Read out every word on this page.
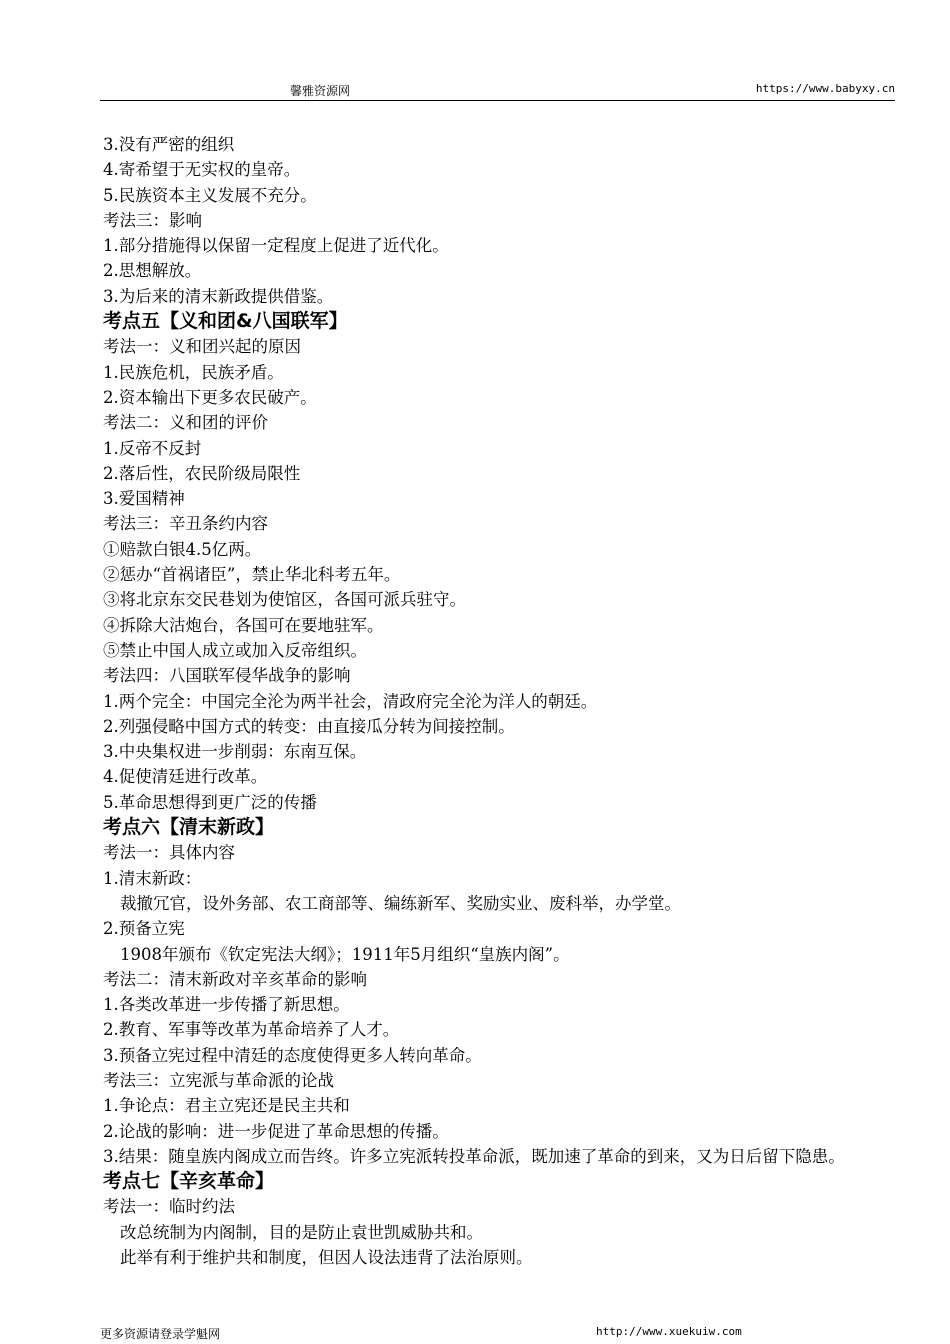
馨雅资源网	https://www.babyxy.cn
3.没有严密的组织
4.寄希望于无实权的皇帝。
5.民族资本主义发展不充分。
考法三：影响
1.部分措施得以保留一定程度上促进了近代化。
2.思想解放。
3.为后来的清末新政提供借鉴。
考点五【义和团&八国联军】
考法一：义和团兴起的原因
1.民族危机，民族矛盾。
2.资本输出下更多农民破产。
考法二：义和团的评价
1.反帝不反封
2.落后性，农民阶级局限性
3.爱国精神
考法三：辛丑条约内容
①赔款白银4.5亿两。
②惩办“首祸诸臣”，禁止华北科考五年。
③将北京东交民巷划为使馆区，各国可派兵驻守。
④拆除大沽炮台，各国可在要地驻军。
⑤禁止中国人成立或加入反帝组织。
考法四：八国联军侵华战争的影响
1.两个完全：中国完全沦为两半社会，清政府完全沦为洋人的朝廷。
2.列强侵略中国方式的转变：由直接瓜分转为间接控制。
3.中央集权进一步削弱：东南互保。
4.促使清廷进行改革。
5.革命思想得到更广泛的传播
考点六【清末新政】
考法一：具体内容
1.清末新政：
裁撤冗官，设外务部、农工商部等、编练新军、奖励实业、废科举，办学堂。
2.预备立宪
1908年颁布《钦定宪法大纲》；1911年5月组织“皇族内阁”。
考法二：清末新政对辛亥革命的影响
1.各类改革进一步传播了新思想。
2.教育、军事等改革为革命培养了人才。
3.预备立宪过程中清廷的态度使得更多人转向革命。
考法三：立宪派与革命派的论战
1.争论点：君主立宪还是民主共和
2.论战的影响：进一步促进了革命思想的传播。
3.结果：随皇族内阁成立而告终。许多立宪派转投革命派，既加速了革命的到来，又为日后留下隐患。
考点七【辛亥革命】
考法一：临时约法
改总统制为内阁制，目的是防止袁世凯威胁共和。
此举有利于维护共和制度，但因人设法违背了法治原则。
更多资源请登录学魁网	http://www.xuekuiw.com
